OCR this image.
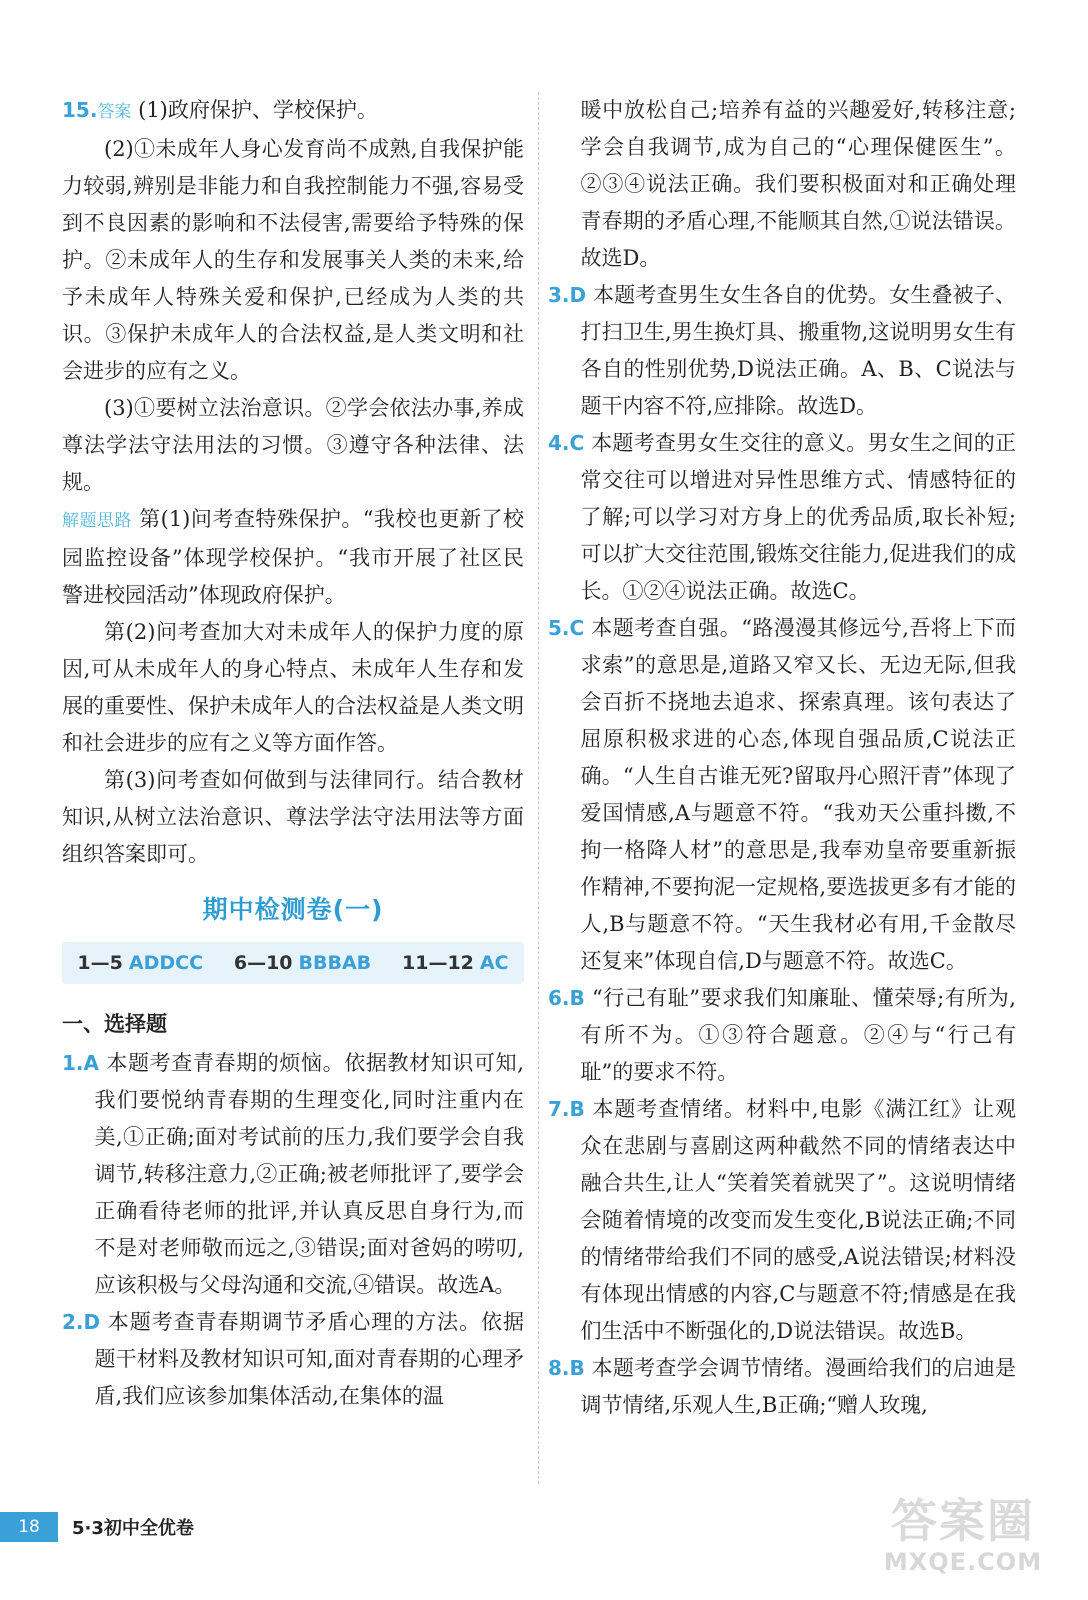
15.答案 (1)政府保护、学校保护。

(2)①未成年人身心发育尚不成熟,自我保护能力较弱,辨别是非能力和自我控制能力不强,容易受到不良因素的影响和不法侵害,需要给予特殊的保护。②未成年人的生存和发展事关人类的未来,给予未成年人特殊关爱和保护,已经成为人类的共识。③保护未成年人的合法权益,是人类文明和社会进步的应有之义。

(3)①要树立法治意识。②学会依法办事,养成尊法学法守法用法的习惯。③遵守各种法律、法规。

解题思路 第(1)问考查特殊保护。“我校也更新了校园监控设备”体现学校保护。“我市开展了社区民警进校园活动”体现政府保护。

第(2)问考查加大对未成年人的保护力度的原因,可从未成年人的身心特点、未成年人生存和发展的重要性、保护未成年人的合法权益是人类文明和社会进步的应有之义等方面作答。

第(3)问考查如何做到与法律同行。结合教材知识,从树立法治意识、尊法学法守法用法等方面组织答案即可。

期中检测卷(一)
1—5 ADDCC 6—10 BBBAB 11—12 AC
一、选择题

1.A 本题考查青春期的烦恼。依据教材知识可知,我们要悦纳青春期的生理变化,同时注重内在美,①正确;面对考试前的压力,我们要学会自我调节,转移注意力,②正确;被老师批评了,要学会正确看待老师的批评,并认真反思自身行为,而不是对老师敬而远之,③错误;面对爸妈的唠叨,应该积极与父母沟通和交流,④错误。故选A。

2.D 本题考查青春期调节矛盾心理的方法。依据题干材料及教材知识可知,面对青春期的心理矛盾,我们应该参加集体活动,在集体的温

暖中放松自己;培养有益的兴趣爱好,转移注意;学会自我调节,成为自己的“心理保健医生”。②③④说法正确。我们要积极面对和正确处理青春期的矛盾心理,不能顺其自然,①说法错误。故选D。

3.D 本题考查男生女生各自的优势。女生叠被子、打扫卫生,男生换灯具、搬重物,这说明男女生有各自的性别优势,D说法正确。A、B、C说法与题干内容不符,应排除。故选D。

4.C 本题考查男女生交往的意义。男女生之间的正常交往可以增进对异性思维方式、情感特征的了解;可以学习对方身上的优秀品质,取长补短;可以扩大交往范围,锻炼交往能力,促进我们的成长。①②④说法正确。故选C。

5.C 本题考查自强。“路漫漫其修远兮,吾将上下而求索”的意思是,道路又窄又长、无边无际,但我会百折不挠地去追求、探索真理。该句表达了屈原积极求进的心态,体现自强品质,C说法正确。“人生自古谁无死?留取丹心照汗青”体现了爱国情感,A与题意不符。“我劝天公重抖擞,不拘一格降人材”的意思是,我奉劝皇帝要重新振作精神,不要拘泥一定规格,要选拔更多有才能的人,B与题意不符。“天生我材必有用,千金散尽还复来”体现自信,D与题意不符。故选C。

6.B “行己有耻”要求我们知廉耻、懂荣辱;有所为,有所不为。①③符合题意。②④与“行己有耻”的要求不符。

7.B 本题考查情绪。材料中,电影《满江红》让观众在悲剧与喜剧这两种截然不同的情绪表达中融合共生,让人“笑着笑着就哭了”。这说明情绪会随着情境的改变而发生变化,B说法正确;不同的情绪带给我们不同的感受,A说法错误;材料没有体现出情感的内容,C与题意不符;情感是在我们生活中不断强化的,D说法错误。故选B。

8.B 本题考查学会调节情绪。漫画给我们的启迪是调节情绪,乐观人生,B正确;“赠人玫瑰,

18	5·3初中全优卷	答案圈
MXQE.COM
